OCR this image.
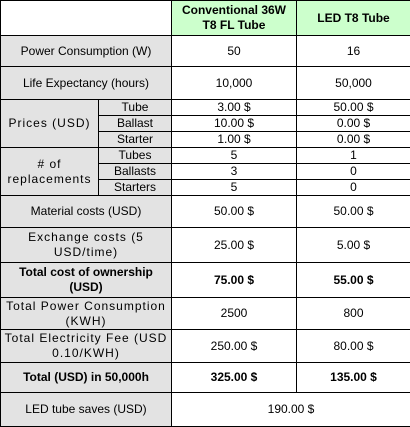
		Conventional 36W T8 FL Tube	LED T8 Tube
Power Consumption (W)		50	16
Life Expectancy (hours)		10,000	50,000
Prices (USD)	Tube	3.00 $	50.00 $
	Ballast	10.00 $	0.00 $
	Starter	1.00 $	0.00 $
# of replacements	Tubes	5	1
	Ballasts	3	0
	Starters	5	0
Material costs (USD)		50.00 $	50.00 $
Exchange costs (5 USD/time)		25.00 $	5.00 $
Total cost of ownership (USD)		75.00 $	55.00 $
Total Power Consumption (KWH)		2500	800
Total Electricity Fee (USD 0.10/KWH)		250.00 $	80.00 $
Total (USD) in 50,000h		325.00 $	135.00 $
LED tube saves (USD)		190.00 $	
